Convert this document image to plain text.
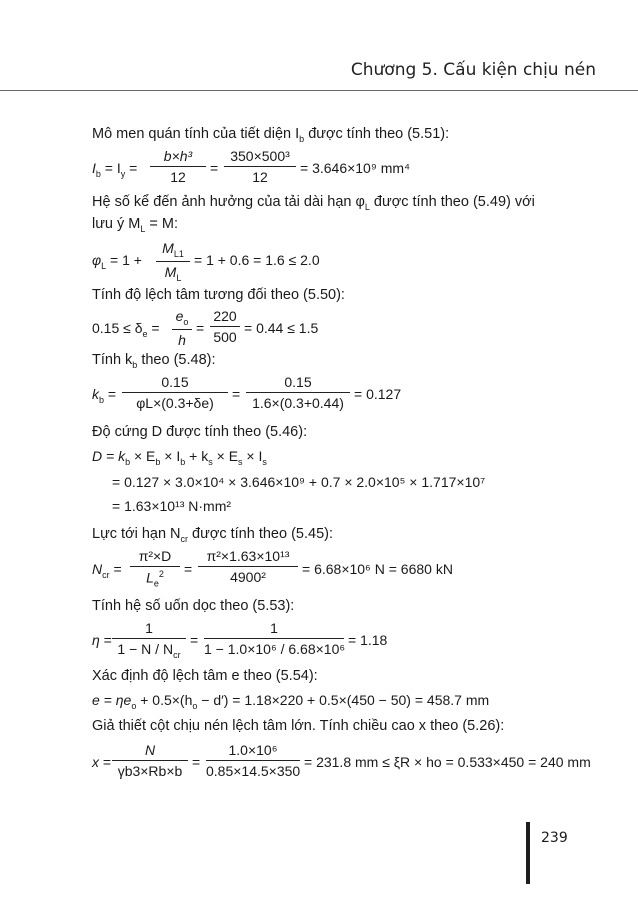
Chương 5. Cấu kiện chịu nén
Mô men quán tính của tiết diện $I_b$ được tính theo (5.51):
$I_b = I_y = \frac{\text{b×h³}}{12} = \frac{\text{350×500³}}{12} = 3.646\times 10^9$ mm⁴
Hệ số kể đến ảnh hưởng của tải dài hạn $\varphi_L$ được tính theo (5.49) với
lưu ý $M_L = M$:
$\varphi_L = 1 + \frac{M_{L1}}{M_L} = 1 + 0.6 = 1.6 \le 2.0$
Tính độ lệch tâm tương đối theo (5.50):
$0.15 \le \delta_e = \frac{e_o}{h} = \frac{220}{500} = 0.44 \le 1.5$
Tính $k_b$ theo (5.48):
$k_b = \frac{0.15}{\varphi L\times(0.3+\delta e)} = \frac{0.15}{1.6\times(0.3+0.44)} = 0.127$
Độ cứng D được tính theo (5.46):
$D = k_b \times E_b \times I_b + k_s \times E_s \times I_s$
= 0.127 × 3.0×10⁴ × 3.646×10⁹ + 0.7 × 2.0×10⁵ × 1.717×10⁷
= 1.63×10¹³ N·mm²
Lực tới hạn $N_{cr}$ được tính theo (5.45):
$N_{cr} = \frac{\text{π²×D}}{L_e^2} = \frac{\text{π²×1.63×10¹³}}{\text{4900²}} = 6.68\times 10^6$ N = 6680 kN
Tính hệ số uốn dọc theo (5.53):
η =
1
$1 - N / N_{cr}$
= $\frac{1}{\text{1 − 1.0×10⁶ / 6.68×10⁶}} = 1.18$
Xác định độ lệch tâm e theo (5.54):
$e = \eta e_o + 0.5\times(h_o - d') = 1.18\times 220 + 0.5\times(450 - 50) = 458.7$ mm
Giả thiết cột chịu nén lệch tâm lớn. Tính chiều cao x theo (5.26):
$x = \frac{N}{\gamma b3\times Rb\times b} = \frac{\text{1.0×10⁶}}{0.85\times 14.5\times 350} = 231.8$ mm ≤ ξR × ho = 0.533×450 = 240 mm
239
